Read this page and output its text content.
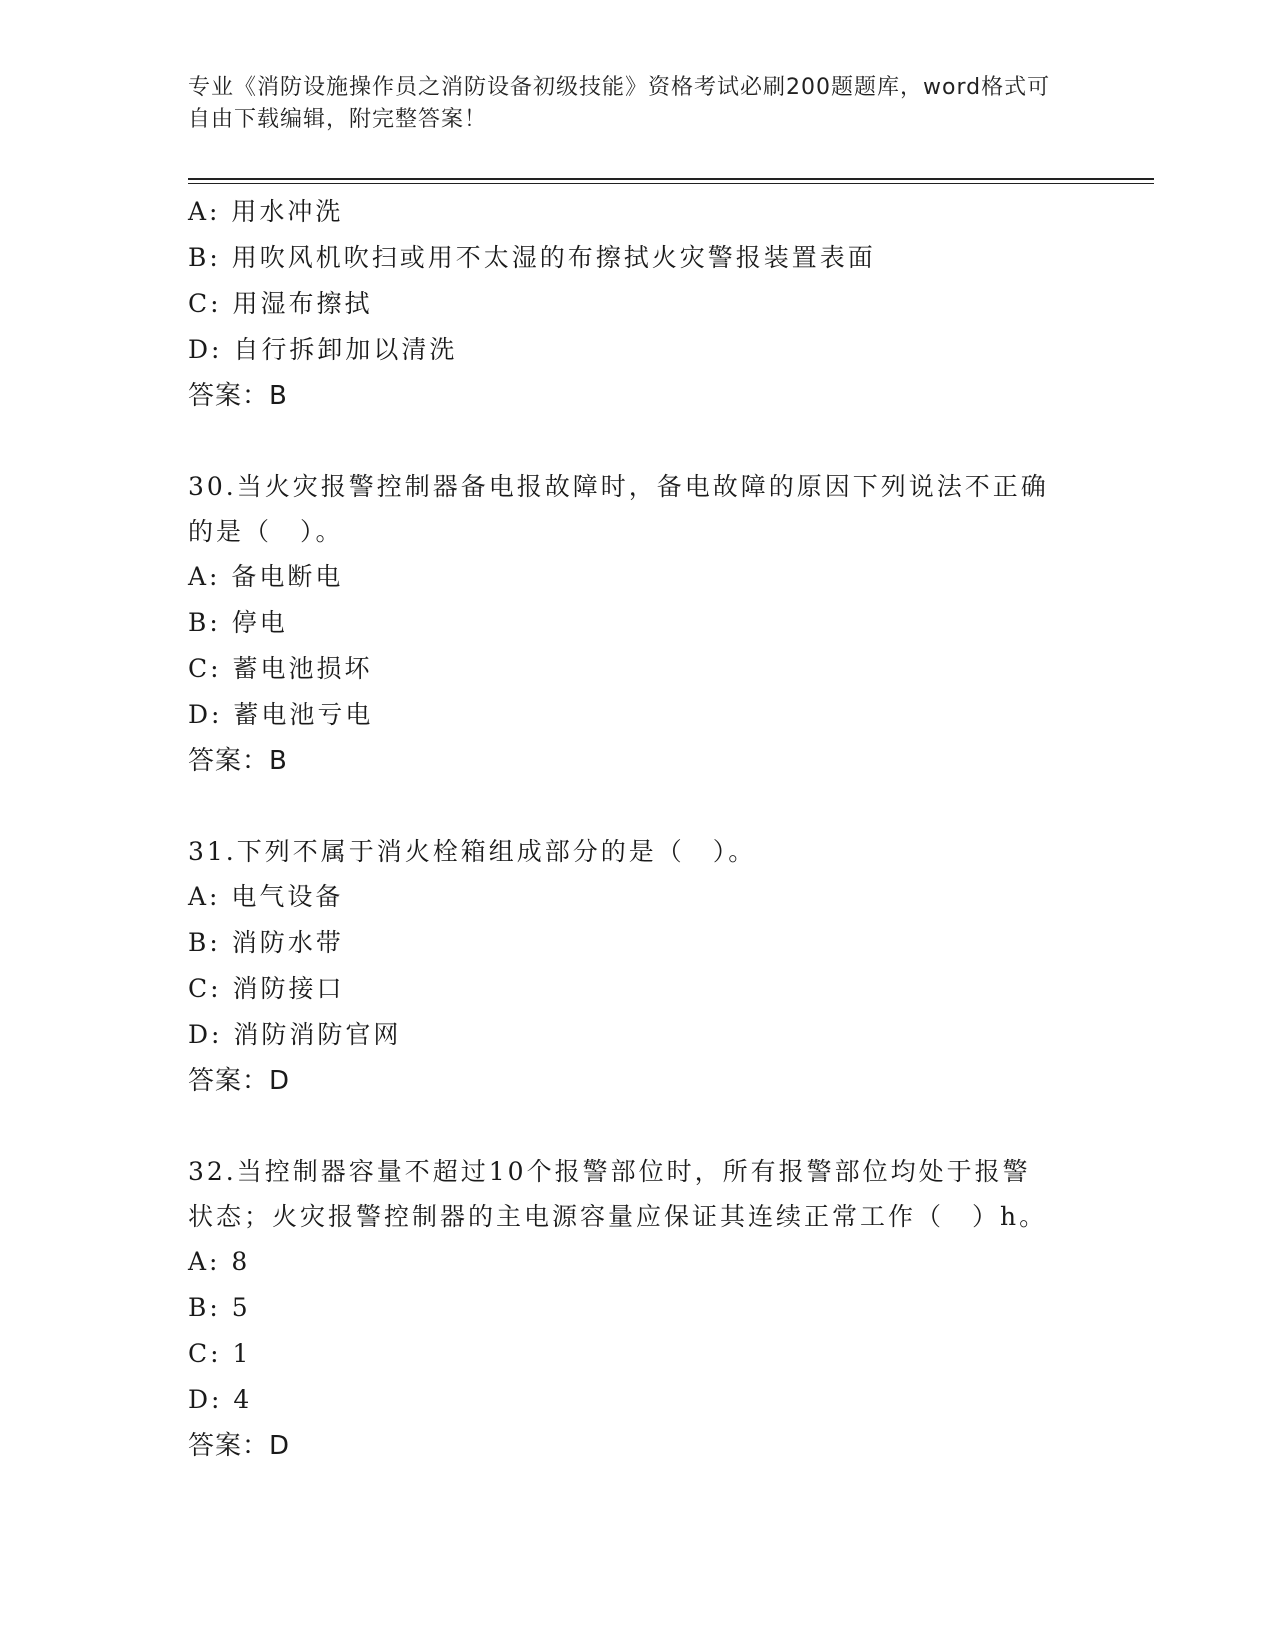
专业《消防设施操作员之消防设备初级技能》资格考试必刷200题题库，word格式可自由下载编辑，附完整答案！
A: 用水冲洗
B: 用吹风机吹扫或用不太湿的布擦拭火灾警报装置表面
C: 用湿布擦拭
D: 自行拆卸加以清洗
答案：B
30.当火灾报警控制器备电报故障时，备电故障的原因下列说法不正确
的是（　）。
A: 备电断电
B: 停电
C: 蓄电池损坏
D: 蓄电池亏电
答案：B
31.下列不属于消火栓箱组成部分的是（　）。
A: 电气设备
B: 消防水带
C: 消防接口
D: 消防消防官网
答案：D
32.当控制器容量不超过10个报警部位时，所有报警部位均处于报警
状态；火灾报警控制器的主电源容量应保证其连续正常工作（　）h。
A: 8
B: 5
C: 1
D: 4
答案：D
